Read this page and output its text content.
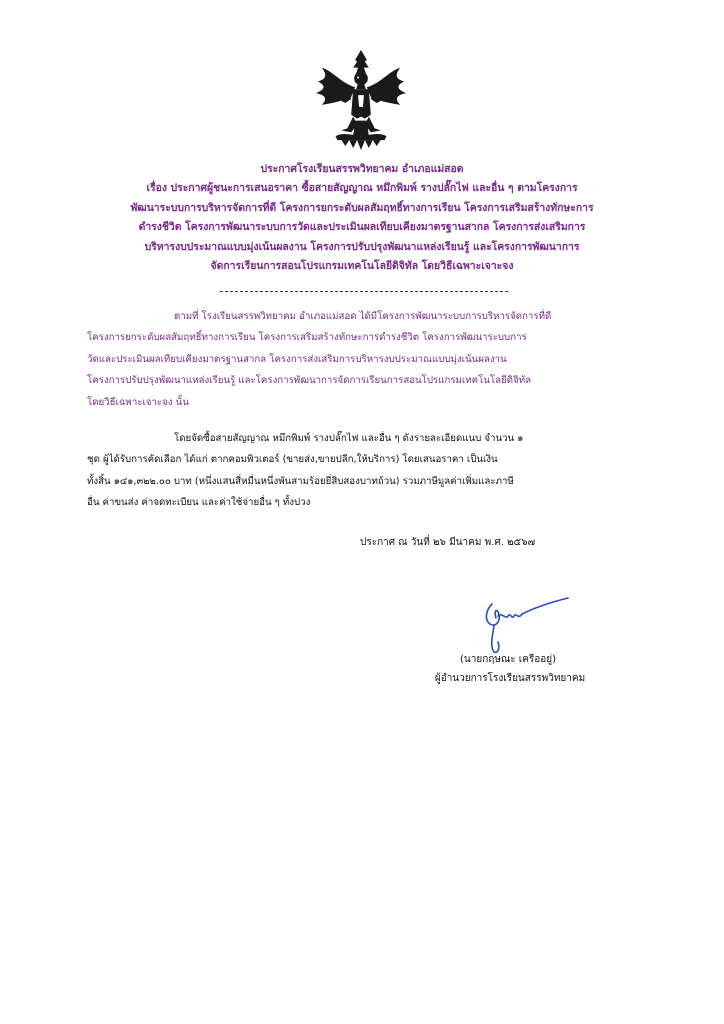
ประกาศโรงเรียนสรรพวิทยาคม อำเภอแม่สอด
เรื่อง ประกาศผู้ชนะการเสนอราคา ซื้อสายสัญญาณ หมึกพิมพ์ รางปลั๊กไฟ และอื่น ๆ ตามโครงการ
พัฒนาระบบการบริหารจัดการที่ดี โครงการยกระดับผลสัมฤทธิ์ทางการเรียน โครงการเสริมสร้างทักษะการ
ดำรงชีวิต โครงการพัฒนาระบบการวัดและประเมินผลเทียบเคียงมาตรฐานสากล โครงการส่งเสริมการ
บริหารงบประมาณแบบมุ่งเน้นผลงาน โครงการปรับปรุงพัฒนาแหล่งเรียนรู้ และโครงการพัฒนาการ
จัดการเรียนการสอนโปรแกรมเทคโนโลยีดิจิทัล โดยวิธีเฉพาะเจาะจง
ตามที่ โรงเรียนสรรพวิทยาคม อำเภอแม่สอด ได้มีโครงการพัฒนาระบบการบริหารจัดการที่ดี
โครงการยกระดับผลสัมฤทธิ์ทางการเรียน โครงการเสริมสร้างทักษะการดำรงชีวิต โครงการพัฒนาระบบการ
วัดและประเมินผลเทียบเคียงมาตรฐานสากล โครงการส่งเสริมการบริหารงบประมาณแบบมุ่งเน้นผลงาน
โครงการปรับปรุงพัฒนาแหล่งเรียนรู้ และโครงการพัฒนาการจัดการเรียนการสอนโปรแกรมเทคโนโลยีดิจิทัล
โดยวิธีเฉพาะเจาะจง นั้น
โดยจัดซื้อสายสัญญาณ หมึกพิมพ์ รางปลั๊กไฟ และอื่น ๆ ดังรายละเอียดแนบ จำนวน ๑
ชุด ผู้ได้รับการคัดเลือก ได้แก่ ตากคอมพิวเตอร์ (ขายส่ง,ขายปลีก,ให้บริการ) โดยเสนอราคา เป็นเงิน
ทั้งสิ้น ๑๔๑,๓๒๒.๐๐ บาท (หนึ่งแสนสี่หมื่นหนึ่งพันสามร้อยยี่สิบสองบาทถ้วน) รวมภาษีมูลค่าเพิ่มและภาษี
อื่น ค่าขนส่ง ค่าจดทะเบียน และค่าใช้จ่ายอื่น ๆ ทั้งปวง
ประกาศ ณ วันที่ ๒๖ มีนาคม พ.ศ. ๒๕๖๗
(นายกฤษณะ เครืออยู่)
ผู้อำนวยการโรงเรียนสรรพวิทยาคม
